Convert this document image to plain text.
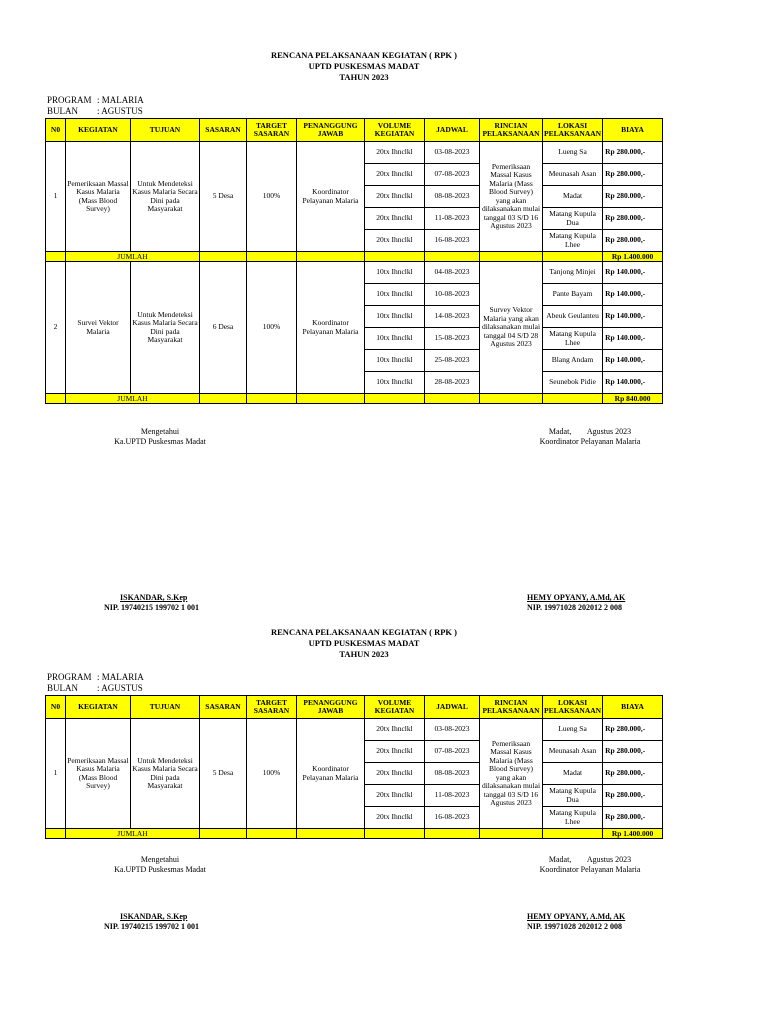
RENCANA PELAKSANAAN KEGIATAN ( RPK )
UPTD PUSKESMAS MADAT
TAHUN 2023
PROGRAM : MALARIA
BULAN : AGUSTUS
N0	KEGIATAN	TUJUAN	SASARAN	TARGET SASARAN	PENANGGUNG JAWAB	VOLUME KEGIATAN	JADWAL	RINCIAN PELAKSANAAN	LOKASI PELAKSANAAN	BIAYA
1	Pemeriksaan Massal Kasus Malaria (Mass Blood Survey)	Untuk Mendeteksi Kasus Malaria Secara Dini pada Masyarakat	5 Desa	100%	Koordinator Pelayanan Malaria	20tx Ihnclkl	03-08-2023	Pemeriksaan Massal Kasus Malaria (Mass Blood Survey) yang akan dilaksanakan mulai tanggal 03 S/D 16 Agustus 2023	Lueng Sa	Rp 280.000,-
						20tx Ihnclkl	07-08-2023		Meunasah Asan	Rp 280.000,-
						20tx Ihnclkl	08-08-2023		Madat	Rp 280.000,-
						20tx Ihnclkl	11-08-2023		Matang Kupula Dua	Rp 280.000,-
						20tx Ihnclkl	16-08-2023		Matang Kupula Lhee	Rp 280.000,-
	JUMLAH									Rp 1.400.000
2	Survei Vektor Malaria	Untuk Mendeteksi Kasus Malaria Secara Dini pada Masyarakat	6 Desa	100%	Koordinator Pelayanan Malaria	10tx Ihnclkl	04-08-2023	Survey Vektor Malaria yang akan dilaksanakan mulai tanggal 04 S/D 28 Agustus 2023	Tanjong Minjei	Rp 140.000,-
						10tx Ihnclkl	10-08-2023		Pante Bayam	Rp 140.000,-
						10tx Ihnclkl	14-08-2023		Abeuk Geulanteu	Rp 140.000,-
						10tx Ihnclkl	15-08-2023		Matang Kupula Lhee	Rp 140.000,-
						10tx Ihnclkl	25-08-2023		Blang Andam	Rp 140.000,-
						10tx Ihnclkl	28-08-2023		Seunebok Pidie	Rp 140.000,-
	JUMLAH									Rp 840.000
Mengetahui
Ka.UPTD Puskesmas Madat
Madat,        Agustus 2023
Koordinator Pelayanan Malaria
ISKANDAR, S.Kep
NIP. 19740215 199702 1 001
HEMY OPYANY, A.Md, AK
NIP. 19971028 202012 2 008
RENCANA PELAKSANAAN KEGIATAN ( RPK )
UPTD PUSKESMAS MADAT
TAHUN 2023
PROGRAM : MALARIA
BULAN : AGUSTUS
N0	KEGIATAN	TUJUAN	SASARAN	TARGET SASARAN	PENANGGUNG JAWAB	VOLUME KEGIATAN	JADWAL	RINCIAN PELAKSANAAN	LOKASI PELAKSANAAN	BIAYA
1	Pemeriksaan Massal Kasus Malaria (Mass Blood Survey)	Untuk Mendeteksi Kasus Malaria Secara Dini pada Masyarakat	5 Desa	100%	Koordinator Pelayanan Malaria	20tx Ihnclkl	03-08-2023	Pemeriksaan Massal Kasus Malaria (Mass Blood Survey) yang akan dilaksanakan mulai tanggal 03 S/D 16 Agustus 2023	Lueng Sa	Rp 280.000,-
						20tx Ihnclkl	07-08-2023		Meunasah Asan	Rp 280.000,-
						20tx Ihnclkl	08-08-2023		Madat	Rp 280.000,-
						20tx Ihnclkl	11-08-2023		Matang Kupula Dua	Rp 280.000,-
						20tx Ihnclkl	16-08-2023		Matang Kupula Lhee	Rp 280.000,-
	JUMLAH									Rp 1.400.000
Mengetahui
Ka.UPTD Puskesmas Madat
Madat,        Agustus 2023
Koordinator Pelayanan Malaria
ISKANDAR, S.Kep
NIP. 19740215 199702 1 001
HEMY OPYANY, A.Md, AK
NIP. 19971028 202012 2 008
